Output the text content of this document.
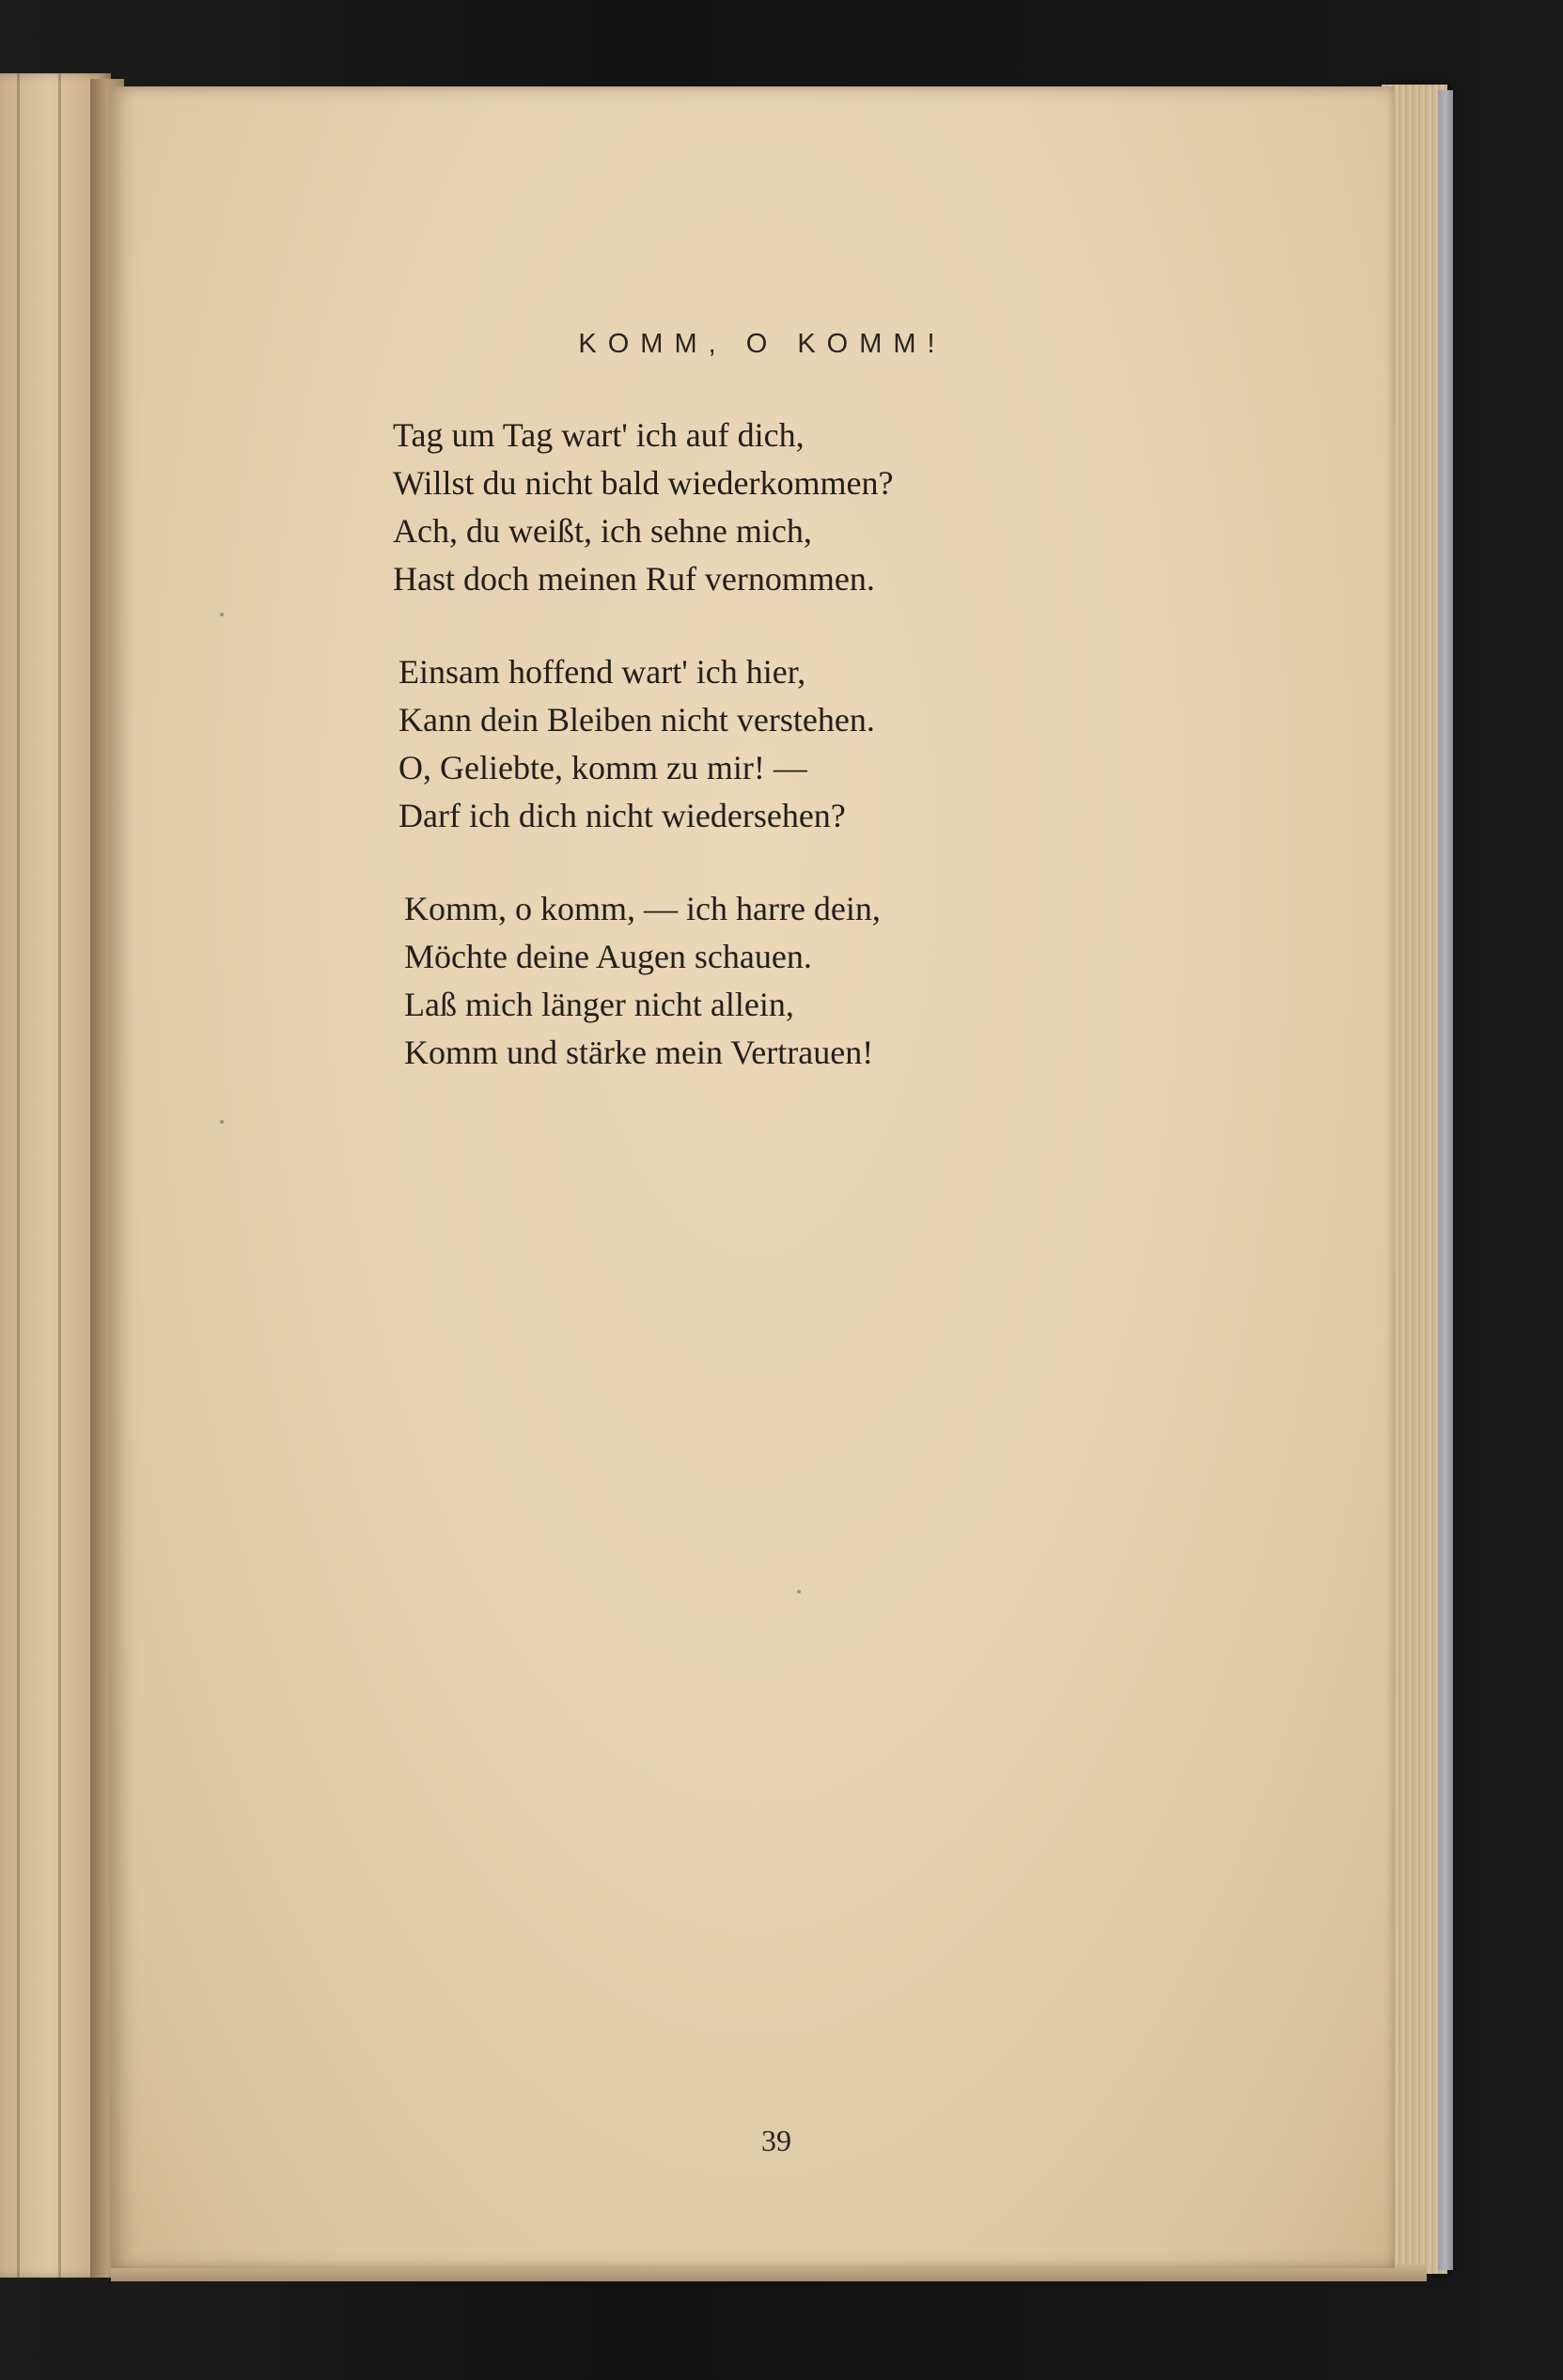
KOMM, O KOMM!
Tag um Tag wart' ich auf dich,
Willst du nicht bald wiederkommen?
Ach, du weißt, ich sehne mich,
Hast doch meinen Ruf vernommen.
Einsam hoffend wart' ich hier,
Kann dein Bleiben nicht verstehen.
O, Geliebte, komm zu mir! —
Darf ich dich nicht wiedersehen?
Komm, o komm, — ich harre dein,
Möchte deine Augen schauen.
Laß mich länger nicht allein,
Komm und stärke mein Vertrauen!
39
